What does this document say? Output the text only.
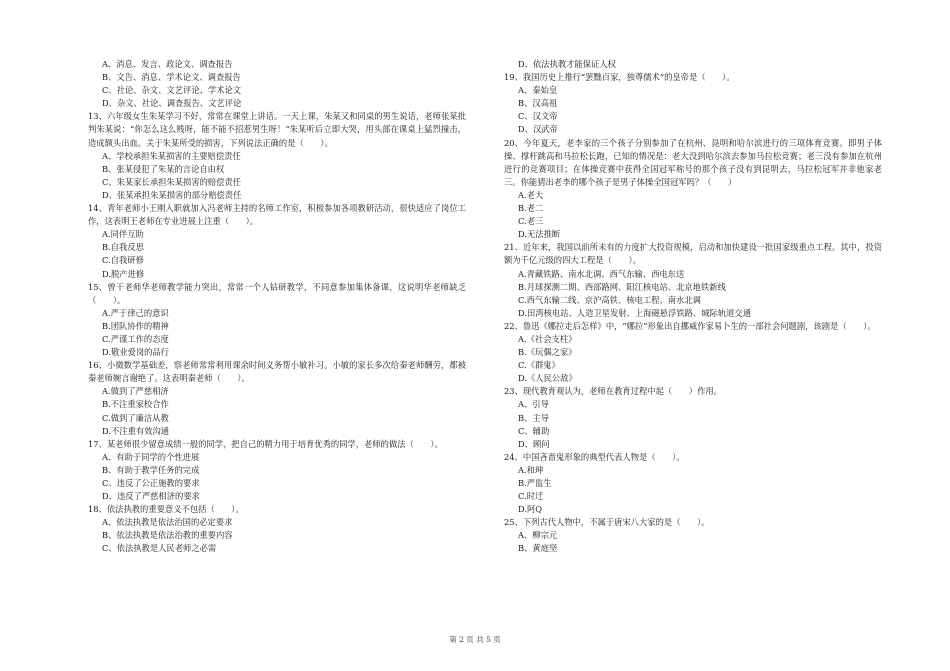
A、消息、发言、政论文、调查报告
B、文告、消息、学术论文、调查报告
C、社论、杂文、文艺评论、学术论文
D、杂文、社论、调查报告、文艺评论
13、六年级女生朱某学习不好，常常在课堂上讲话。一天上课，朱某又和同桌的男生说话，老师张某批判朱某说：“你怎么这么贱呀，能不能不招惹男生呀！”朱某听后立即大哭，用头部在课桌上猛烈撞击，造成额头出血。关于朱某所受的损害，下列说法正确的是（　　）。
A、学校承担朱某损害的主要赔偿责任
B、张某侵犯了朱某的言论自由权
C、朱某家长承担朱某损害的赔偿责任
D、张某承担朱某损害的部分赔偿责任
14、青年老师小王刚入职就加入冯老师主持的名师工作室，积极参加各项教研活动，很快适应了岗位工作，这表明王老师在专业进展上注重（　　）。
A.同伴互助
B.自我反思
C.自我研修
D.脱产进修
15、曾干老师华老师教学能力突出，常常一个人钻研教学，不同意参加集体备课，这说明华老师缺乏（　　）。
A.严于律己的意识
B.团队协作的精神
C.严谨工作的态度
D.敬业爱岗的品行
16、小微数学基础差，察老师常常利用课余时间义务帮小敏补习。小敏的家长多次给秦老师酬劳，都被秦老师婉言谢绝了。这表明秦老师（　　）。
A.做到了严慈相济
B.不注重家校合作
C.做到了廉洁从教
D.不注重有效沟通
17、某老师很少留意成绩一般的同学，把自己的精力用于培育优秀的同学，老师的做法（　　）。
A、有助于同学的个性进展
B、有助于教学任务的完成
C、违反了公正施教的要求
D、违反了严慈相济的要求
18、依法执教的重要意义不包括（　　）。
A、依法执教是依法治国的必定要求
B、依法执教是依法治教的重要内容
C、依法执教是人民老师之必需
D、依法执教才能保证人权
19、我国历史上推行“罢黜百家，独尊儒术”的皇帝是（　　）。
A、秦始皇
B、汉高祖
C、汉文帝
D、汉武帝
20、今年夏天，老李家的三个孩子分别参加了在杭州、昆明和哈尔滨进行的三项体育竞赛。即男子体操、撑杆跳高和马拉松长跑，已知的情况是：老大没到哈尔滨去参加马拉松竞赛；老三没有参加在杭州进行的竞赛项目；在体操竞赛中获得全国冠军称号的那个孩子没有到昆明去，马拉松冠军并非他家老三。你能猜出老李的哪个孩子是男子体操全国冠军吗？（　　）
A.老大
B.老二
C.老三
D.无法推断
21、近年来，我国以前所未有的力度扩大投资规模，启动和加快建设一批国家级重点工程。其中，投资额为千亿元级的四大工程是（　　）。
A.青藏铁路、南水北调、西气东输、西电东送
B.月球探测二期、西部路网、阳江核电站、北京地铁新线
C.西气东输二线、京沪高铁、核电工程、南水北调
D.田湾核电站、人造卫星发射、上海磁悬浮铁路、城际轨道交通
22、鲁迅《娜拉走后怎样》中，“娜拉”形象出自挪威作家易卜生的一部社会问题剧，该剧是（　　）。
A.《社会支柱》
B.《玩偶之家》
C.《群鬼》
D.《人民公敌》
23、现代教育观认为，老师在教育过程中起（　　）作用。
A、引导
B、主导
C、辅助
D、顾问
24、中国吝啬鬼形象的典型代表人物是（　　）。
A.和珅
B.严监生
C.时迁
D.阿Q
25、下列古代人物中，不属于唐宋八大家的是（　　）。
A、柳宗元
B、黄庭坚
第 2 页 共 5 页
